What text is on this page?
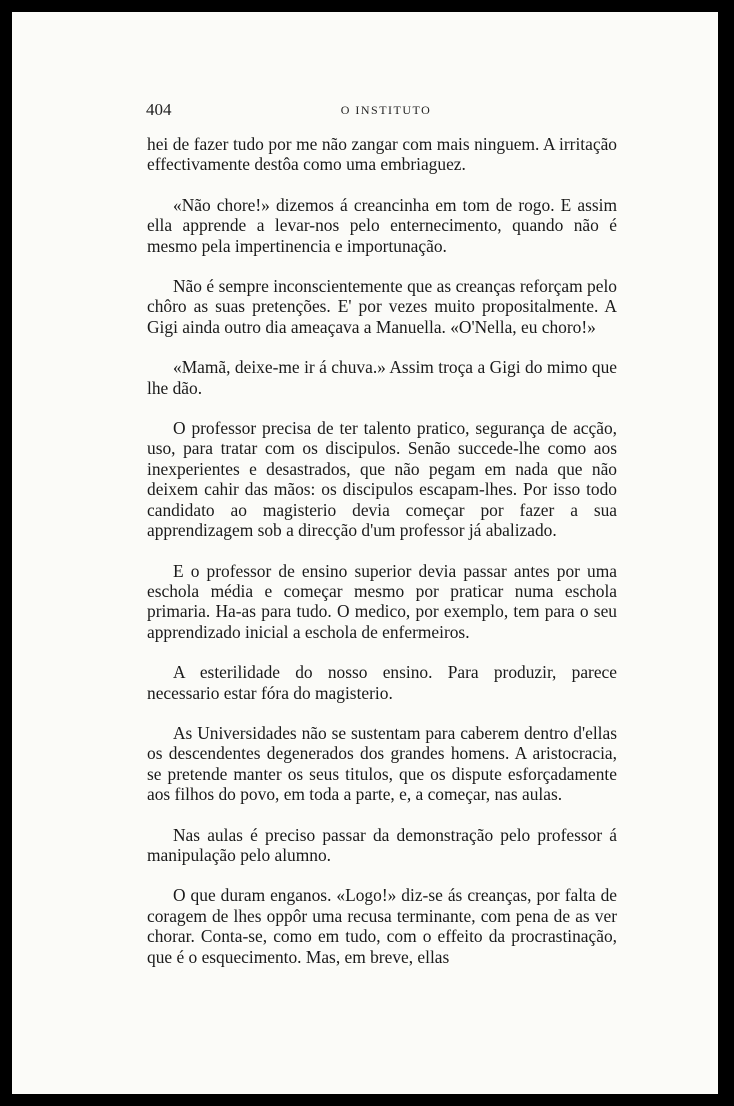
404	O INSTITUTO

hei de fazer tudo por me não zangar com mais ninguem. A irritação effectivamente destôa como uma embriaguez.

«Não chore!» dizemos á creancinha em tom de rogo. E assim ella apprende a levar-nos pelo enternecimento, quando não é mesmo pela impertinencia e importunação.

Não é sempre inconscientemente que as creanças reforçam pelo chôro as suas pretenções. E' por vezes muito propositalmente. A Gigi ainda outro dia ameaçava a Manuella. «O'Nella, eu choro!»

«Mamã, deixe-me ir á chuva.» Assim troça a Gigi do mimo que lhe dão.

O professor precisa de ter talento pratico, segurança de acção, uso, para tratar com os discipulos. Senão succede-lhe como aos inexperientes e desastrados, que não pegam em nada que não deixem cahir das mãos: os discipulos escapam-lhes. Por isso todo candidato ao magisterio devia começar por fazer a sua apprendizagem sob a direcção d'um professor já abalizado.

E o professor de ensino superior devia passar antes por uma eschola média e começar mesmo por praticar numa eschola primaria. Ha-as para tudo. O medico, por exemplo, tem para o seu apprendizado inicial a eschola de enfermeiros.

A esterilidade do nosso ensino. Para produzir, parece necessario estar fóra do magisterio.

As Universidades não se sustentam para caberem dentro d'ellas os descendentes degenerados dos grandes homens. A aristocracia, se pretende manter os seus titulos, que os dispute esforçadamente aos filhos do povo, em toda a parte, e, a começar, nas aulas.

Nas aulas é preciso passar da demonstração pelo professor á manipulação pelo alumno.

O que duram enganos. «Logo!» diz-se ás creanças, por falta de coragem de lhes oppôr uma recusa terminante, com pena de as ver chorar. Conta-se, como em tudo, com o effeito da procrastinação, que é o esquecimento. Mas, em breve, ellas
